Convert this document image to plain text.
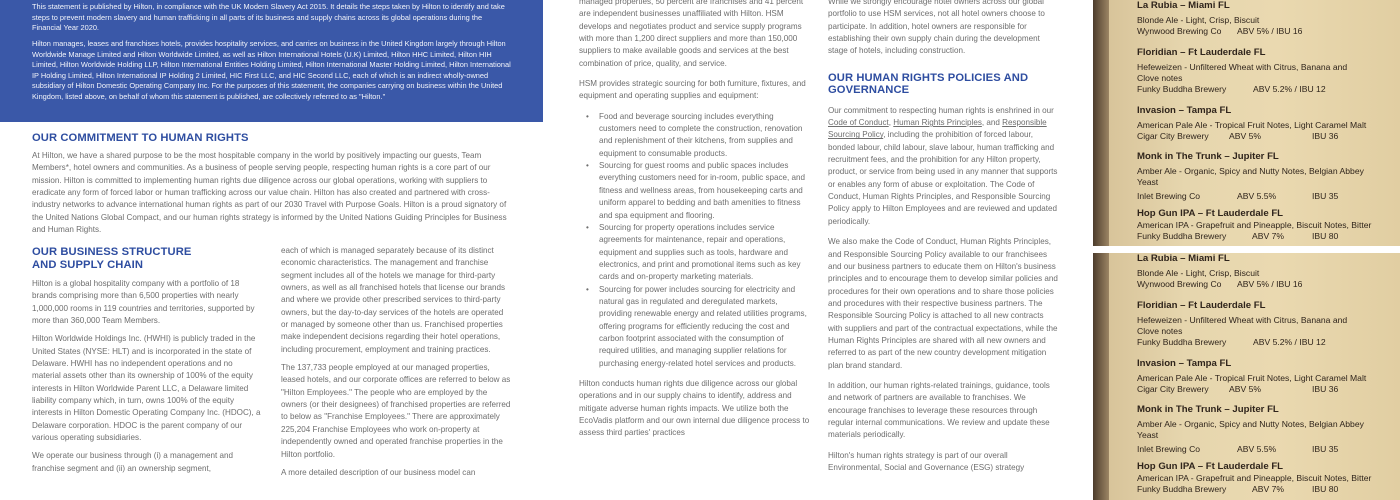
This statement is published by Hilton, in compliance with the UK Modern Slavery Act 2015. It details the steps taken by Hilton to identify and take steps to prevent modern slavery and human trafficking in all parts of its business and supply chains across its global operations during the Financial Year 2020.

Hilton manages, leases and franchises hotels, provides hospitality services, and carries on business in the United Kingdom largely through Hilton Worldwide Manage Limited and Hilton Worldwide Limited, as well as Hilton International Hotels (U.K) Limited, Hilton HHC Limited, Hilton HIH Limited, Hilton Worldwide Holding LLP, Hilton International Entities Holding Limited, Hilton International Master Holding Limited, Hilton International IP Holding Limited, Hilton International IP Holding 2 Limited, HIC First LLC, and HIC Second LLC, each of which is an indirect wholly-owned subsidiary of Hilton Domestic Operating Company Inc. For the purposes of this statement, the companies carrying on business within the United Kingdom, listed above, on behalf of whom this statement is published, are collectively referred to as "Hilton."

OUR COMMITMENT TO HUMAN RIGHTS

At Hilton, we have a shared purpose to be the most hospitable company in the world by positively impacting our guests, Team Members*, hotel owners and communities. As a business of people serving people, respecting human rights is a core part of our mission. Hilton is committed to implementing human rights due diligence across our global operations, working with suppliers to eradicate any form of forced labor or human trafficking across our value chain. Hilton has also created and partnered with cross-industry networks to advance international human rights as part of our 2030 Travel with Purpose Goals. Hilton is a proud signatory of the United Nations Global Compact, and our human rights strategy is informed by the United Nations Guiding Principles for Business and Human Rights.

OUR BUSINESS STRUCTURE
AND SUPPLY CHAIN

Hilton is a global hospitality company with a portfolio of 18 brands comprising more than 6,500 properties with nearly 1,000,000 rooms in 119 countries and territories, supported by more than 360,000 Team Members.

Hilton Worldwide Holdings Inc. (HWHI) is publicly traded in the United States (NYSE: HLT) and is incorporated in the state of Delaware. HWHI has no independent operations and no material assets other than its ownership of 100% of the equity interests in Hilton Worldwide Parent LLC, a Delaware limited liability company which, in turn, owns 100% of the equity interests in Hilton Domestic Operating Company Inc. (HDOC), a Delaware corporation. HDOC is the parent company of our various operating subsidiaries.

We operate our business through (i) a management and franchise segment and (ii) an ownership segment,

each of which is managed separately because of its distinct economic characteristics. The management and franchise segment includes all of the hotels we manage for third-party owners, as well as all franchised hotels that license our brands and where we provide other prescribed services to third-party owners, but the day-to-day services of the hotels are operated or managed by someone other than us. Franchised properties make independent decisions regarding their hotel operations, including procurement, employment and training practices.

The 137,733 people employed at our managed properties, leased hotels, and our corporate offices are referred to below as "Hilton Employees." The people who are employed by the owners (or their designees) of franchised properties are referred to below as "Franchise Employees." There are approximately 225,204 Franchise Employees who work on-property at independently owned and operated franchise properties in the Hilton portfolio.

A more detailed description of our business model can

managed properties, 50 percent are franchises and 41 percent are independent businesses unaffiliated with Hilton. HSM develops and negotiates product and service supply programs with more than 1,200 direct suppliers and more than 150,000 suppliers to make available goods and services at the best combination of price, quality, and service.

HSM provides strategic sourcing for both furniture, fixtures, and equipment and operating supplies and equipment:

• Food and beverage sourcing includes everything customers need to complete the construction, renovation and replenishment of their kitchens, from supplies and equipment to consumable products.
• Sourcing for guest rooms and public spaces includes everything customers need for in-room, public space, and fitness and wellness areas, from housekeeping carts and uniform apparel to bedding and bath amenities to fitness and spa equipment and flooring.
• Sourcing for property operations includes service agreements for maintenance, repair and operations, equipment and supplies such as tools, hardware and electronics, and print and promotional items such as key cards and on-property marketing materials.
• Sourcing for power includes sourcing for electricity and natural gas in regulated and deregulated markets, providing renewable energy and related utilities programs, offering programs for efficiently reducing the cost and carbon footprint associated with the consumption of required utilities, and managing supplier relations for purchasing energy-related hotel services and products.

Hilton conducts human rights due diligence across our global operations and in our supply chains to identify, address and mitigate adverse human rights impacts. We utilize both the EcoVadis platform and our own internal due diligence process to assess third parties' practices

While we strongly encourage hotel owners across our global portfolio to use HSM services, not all hotel owners choose to participate. In addition, hotel owners are responsible for establishing their own supply chain during the development stage of hotels, including construction.

OUR HUMAN RIGHTS POLICIES AND
GOVERNANCE

Our commitment to respecting human rights is enshrined in our Code of Conduct, Human Rights Principles, and Responsible Sourcing Policy, including the prohibition of forced labour, bonded labour, child labour, slave labour, human trafficking and recruitment fees, and the prohibition for any Hilton property, product, or service from being used in any manner that supports or enables any form of abuse or exploitation. The Code of Conduct, Human Rights Principles, and Responsible Sourcing Policy apply to Hilton Employees and are reviewed and updated periodically.

We also make the Code of Conduct, Human Rights Principles, and Responsible Sourcing Policy available to our franchisees and our business partners to educate them on Hilton's business principles and to encourage them to develop similar policies and procedures for their own operations and to share those policies and procedures with their respective business partners. The Responsible Sourcing Policy is attached to all new contracts with suppliers and part of the contractual expectations, while the Human Rights Principles are shared with all new owners and referred to as part of the new country development mitigation plan brand standard.

In addition, our human rights-related trainings, guidance, tools and network of partners are available to franchises. We encourage franchises to leverage these resources through regular internal communications. We review and update these materials periodically.

Hilton's human rights strategy is part of our overall Environmental, Social and Governance (ESG) strategy

La Rubia – Miami FL
Blonde Ale - Light, Crisp, Biscuit
Wynwood Brewing Co ABV 5% / IBU 16
Floridian – Ft Lauderdale FL
Hefeweizen - Unfiltered Wheat with Citrus, Banana and Clove notes
Funky Buddha Brewery	ABV 5.2% / IBU 12
Invasion – Tampa FL
American Pale Ale - Tropical Fruit Notes, Light Caramel Malt
Cigar City Brewery ABV 5%	IBU 36
Monk in The Trunk – Jupiter FL
Amber Ale - Organic, Spicy and Nutty Notes, Belgian Abbey Yeast
Inlet Brewing Co	ABV 5.5%	IBU 35
Hop Gun IPA – Ft Lauderdale FL
American IPA - Grapefruit and Pineapple, Biscuit Notes, Bitter
Funky Buddha Brewery	ABV 7%	IBU 80
La Rubia – Miami FL
Blonde Ale - Light, Crisp, Biscuit
Wynwood Brewing Co ABV 5% / IBU 16
Floridian – Ft Lauderdale FL
Hefeweizen - Unfiltered Wheat with Citrus, Banana and Clove notes
Funky Buddha Brewery	ABV 5.2% / IBU 12
Invasion – Tampa FL
American Pale Ale - Tropical Fruit Notes, Light Caramel Malt
Cigar City Brewery ABV 5%	IBU 36
Monk in The Trunk – Jupiter FL
Amber Ale - Organic, Spicy and Nutty Notes, Belgian Abbey Yeast
Inlet Brewing Co	ABV 5.5%	IBU 35
Hop Gun IPA – Ft Lauderdale FL
American IPA - Grapefruit and Pineapple, Biscuit Notes, Bitter
Funky Buddha Brewery	ABV 7%	IBU 80
